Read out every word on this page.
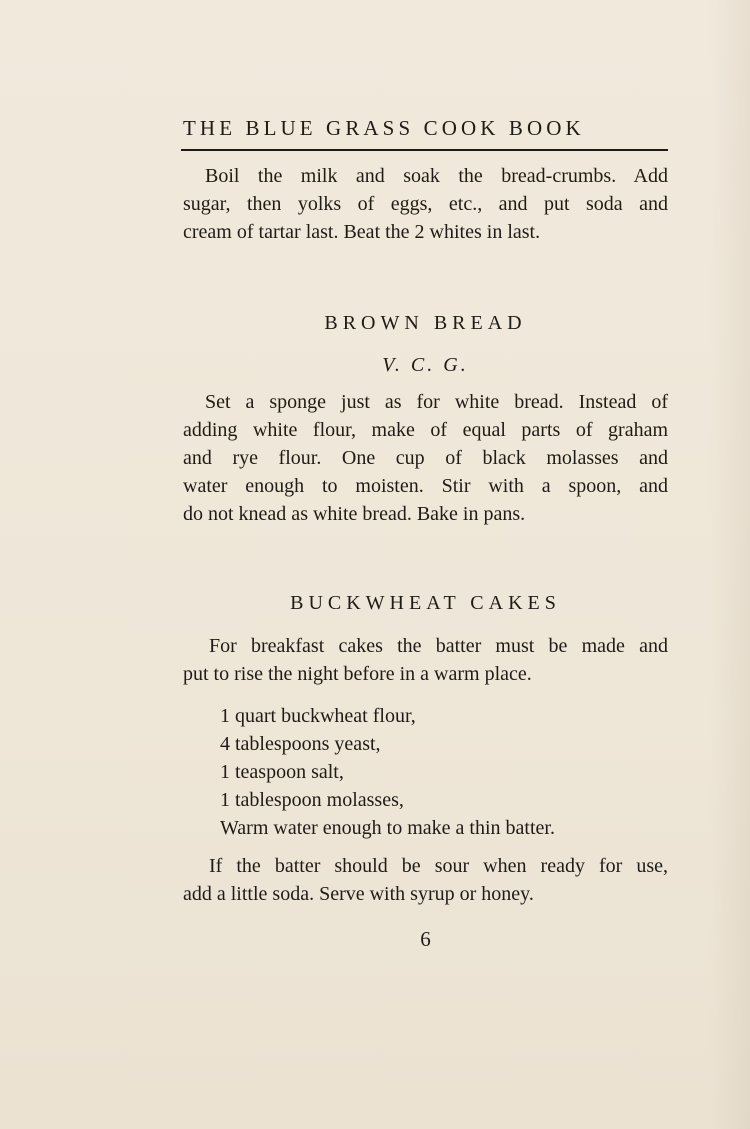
THE BLUE GRASS COOK BOOK
Boil the milk and soak the bread-crumbs. Add
sugar, then yolks of eggs, etc., and put soda and
cream of tartar last. Beat the 2 whites in last.
BROWN BREAD
V. C. G.
Set a sponge just as for white bread. Instead of
adding white flour, make of equal parts of graham
and rye flour. One cup of black molasses and
water enough to moisten. Stir with a spoon, and
do not knead as white bread. Bake in pans.
BUCKWHEAT CAKES
For breakfast cakes the batter must be made and
put to rise the night before in a warm place.
1 quart buckwheat flour,
4 tablespoons yeast,
1 teaspoon salt,
1 tablespoon molasses,
Warm water enough to make a thin batter.
If the batter should be sour when ready for use,
add a little soda. Serve with syrup or honey.
6
